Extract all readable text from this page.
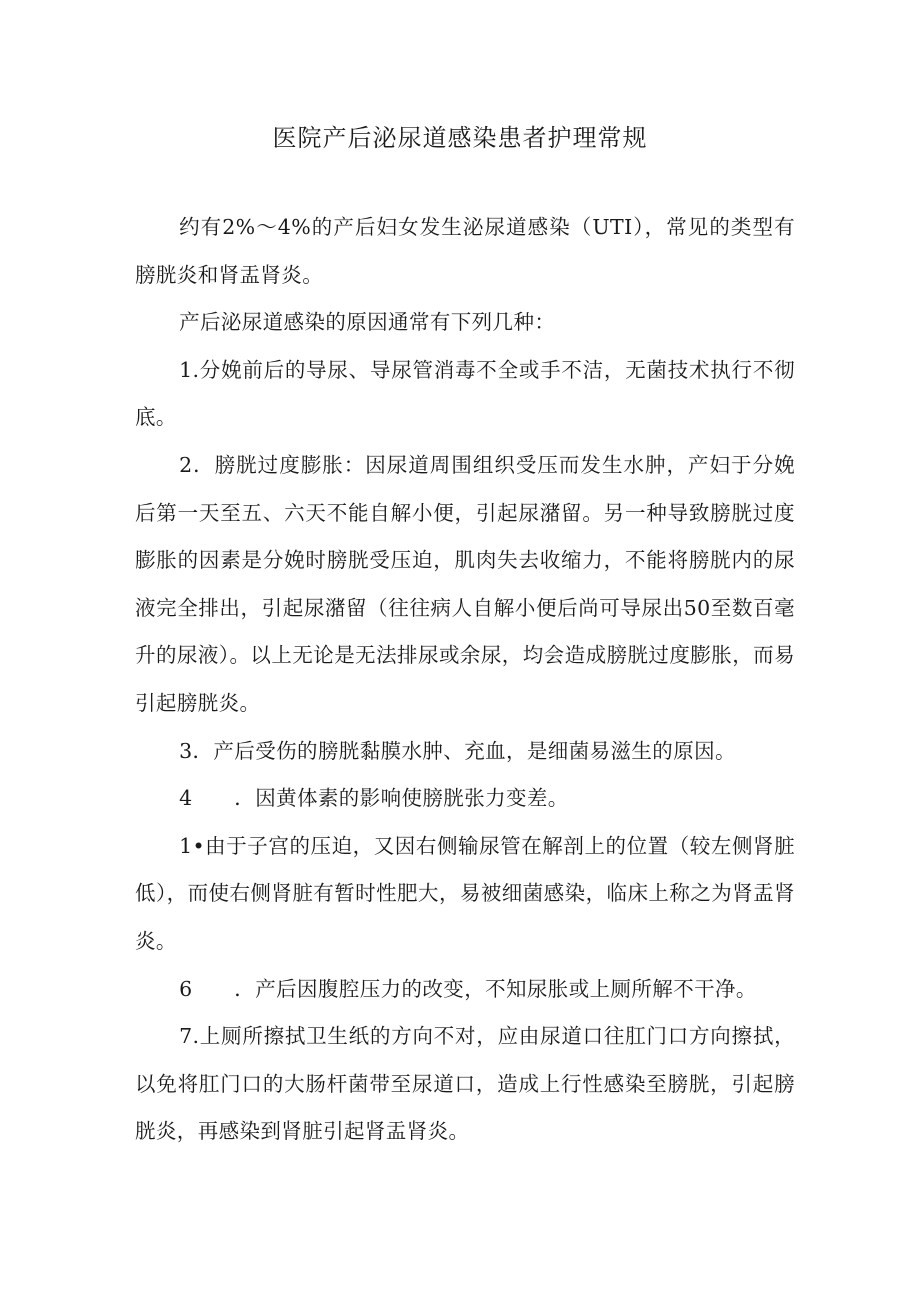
医院产后泌尿道感染患者护理常规

约有2%～4%的产后妇女发生泌尿道感染（UTI），常见的类型有膀胱炎和肾盂肾炎。

产后泌尿道感染的原因通常有下列几种：

1.分娩前后的导尿、导尿管消毒不全或手不洁，无菌技术执行不彻底。

2．膀胱过度膨胀：因尿道周围组织受压而发生水肿，产妇于分娩后第一天至五、六天不能自解小便，引起尿潴留。另一种导致膀胱过度膨胀的因素是分娩时膀胱受压迫，肌肉失去收缩力，不能将膀胱内的尿液完全排出，引起尿潴留（往往病人自解小便后尚可导尿出50至数百毫升的尿液）。以上无论是无法排尿或余尿，均会造成膀胱过度膨胀，而易引起膀胱炎。

3．产后受伤的膀胱黏膜水肿、充血，是细菌易滋生的原因。

4　　．因黄体素的影响使膀胱张力变差。

1•由于子宫的压迫，又因右侧输尿管在解剖上的位置（较左侧肾脏低），而使右侧肾脏有暂时性肥大，易被细菌感染，临床上称之为肾盂肾炎。

6　　．产后因腹腔压力的改变，不知尿胀或上厕所解不干净。

7.上厕所擦拭卫生纸的方向不对，应由尿道口往肛门口方向擦拭，以免将肛门口的大肠杆菌带至尿道口，造成上行性感染至膀胱，引起膀胱炎，再感染到肾脏引起肾盂肾炎。
